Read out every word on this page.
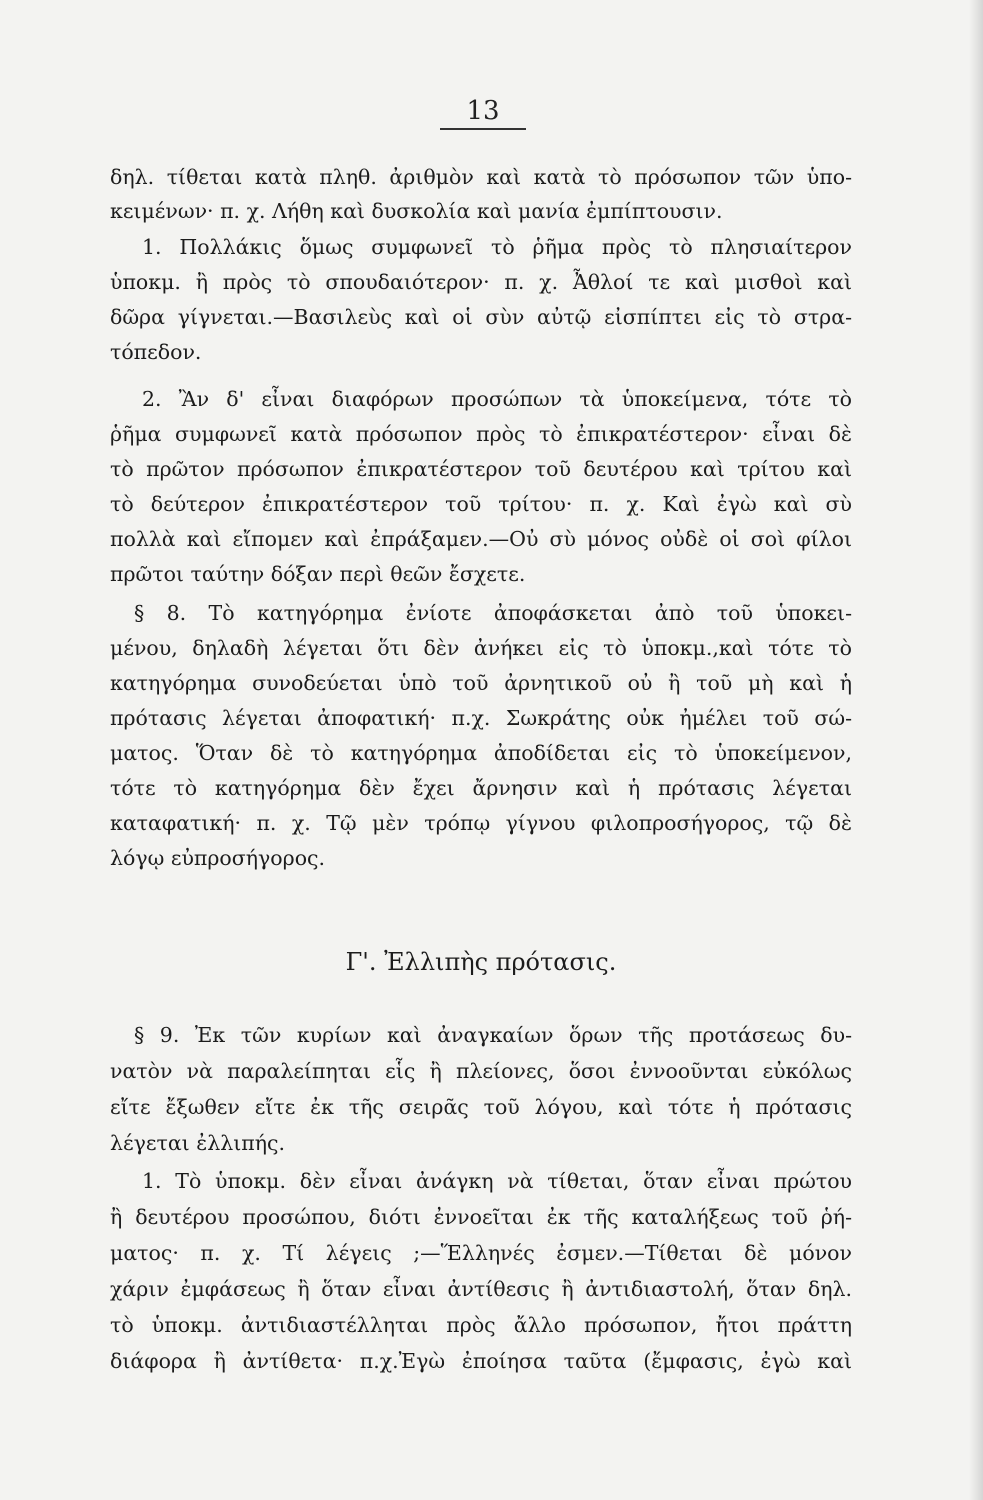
13
δηλ. τίθεται κατὰ πληθ. ἀριθμὸν καὶ κατὰ τὸ πρόσωπον τῶν ὑπο-
κειμένων· π. χ. Λήθη καὶ δυσκολία καὶ μανία ἐμπίπτουσιν.
1. Πολλάκις ὅμως συμφωνεῖ τὸ ῥῆμα πρὸς τὸ πλησιαίτερον
ὑποκμ. ἢ πρὸς τὸ σπουδαιότερον· π. χ. Ἆθλοί τε καὶ μισθοὶ καὶ
δῶρα γίγνεται.—Βασιλεὺς καὶ οἱ σὺν αὐτῷ εἰσπίπτει εἰς τὸ στρα-
τόπεδον.
2. Ἂν δ' εἶναι διαφόρων προσώπων τὰ ὑποκείμενα, τότε τὸ
ῥῆμα συμφωνεῖ κατὰ πρόσωπον πρὸς τὸ ἐπικρατέστερον· εἶναι δὲ
τὸ πρῶτον πρόσωπον ἐπικρατέστερον τοῦ δευτέρου καὶ τρίτου καὶ
τὸ δεύτερον ἐπικρατέστερον τοῦ τρίτου· π. χ. Καὶ ἐγὼ καὶ σὺ
πολλὰ καὶ εἴπομεν καὶ ἐπράξαμεν.—Οὐ σὺ μόνος οὐδὲ οἱ σοὶ φίλοι
πρῶτοι ταύτην δόξαν περὶ θεῶν ἔσχετε.
§ 8. Τὸ κατηγόρημα ἐνίοτε ἀποφάσκεται ἀπὸ τοῦ ὑποκει-
μένου, δηλαδὴ λέγεται ὅτι δὲν ἀνήκει εἰς τὸ ὑποκμ.,καὶ τότε τὸ
κατηγόρημα συνοδεύεται ὑπὸ τοῦ ἀρνητικοῦ οὐ ἢ τοῦ μὴ καὶ ἡ
πρότασις λέγεται ἀποφατική· π.χ. Σωκράτης οὐκ ἠμέλει τοῦ σώ-
ματος. Ὅταν δὲ τὸ κατηγόρημα ἀποδίδεται εἰς τὸ ὑποκείμενον,
τότε τὸ κατηγόρημα δὲν ἔχει ἄρνησιν καὶ ἡ πρότασις λέγεται
καταφατική· π. χ. Τῷ μὲν τρόπῳ γίγνου φιλοπροσήγορος, τῷ δὲ
λόγῳ εὐπροσήγορος.
Γ'. Ἐλλιπὴς πρότασις.
§ 9. Ἐκ τῶν κυρίων καὶ ἀναγκαίων ὅρων τῆς προτάσεως δυ-
νατὸν νὰ παραλείπηται εἷς ἢ πλείονες, ὅσοι ἐννοοῦνται εὐκόλως
εἴτε ἔξωθεν εἴτε ἐκ τῆς σειρᾶς τοῦ λόγου, καὶ τότε ἡ πρότασις
λέγεται ἐλλιπής.
1. Τὸ ὑποκμ. δὲν εἶναι ἀνάγκη νὰ τίθεται, ὅταν εἶναι πρώτου
ἢ δευτέρου προσώπου, διότι ἐννοεῖται ἐκ τῆς καταλήξεως τοῦ ῥή-
ματος· π. χ. Τί λέγεις ;—Ἕλληνές ἐσμεν.—Τίθεται δὲ μόνον
χάριν ἐμφάσεως ἢ ὅταν εἶναι ἀντίθεσις ἢ ἀντιδιαστολή, ὅταν δηλ.
τὸ ὑποκμ. ἀντιδιαστέλληται πρὸς ἄλλο πρόσωπον, ἤτοι πράττη
διάφορα ἢ ἀντίθετα· π.χ.Ἐγὼ ἐποίησα ταῦτα (ἔμφασις, ἐγὼ καὶ
